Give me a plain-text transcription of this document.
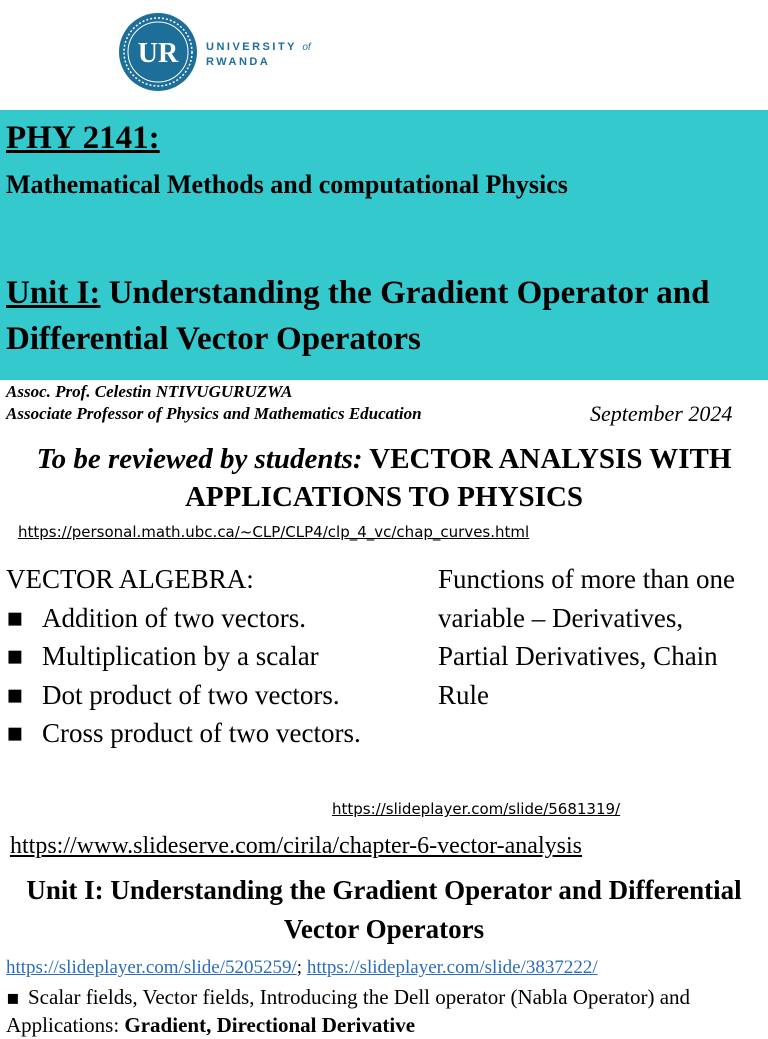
UR	UNIVERSITY of
RWANDA
PHY 2141:
Mathematical Methods and computational Physics
Unit I: Understanding the Gradient Operator and Differential Vector Operators
Assoc. Prof. Celestin NTIVUGURUZWA
Associate Professor of Physics and Mathematics Education	September 2024
To be reviewed by students: VECTOR ANALYSIS WITH APPLICATIONS TO PHYSICS
https://personal.math.ubc.ca/~CLP/CLP4/clp_4_vc/chap_curves.html
VECTOR ALGEBRA:
▪ Addition of two vectors.
▪ Multiplication by a scalar
▪ Dot product of two vectors.
▪ Cross product of two vectors.
Functions of more than one variable – Derivatives, Partial Derivatives, Chain Rule
https://slideplayer.com/slide/5681319/
https://www.slideserve.com/cirila/chapter-6-vector-analysis
Unit I: Understanding the Gradient Operator and Differential Vector Operators
https://slideplayer.com/slide/5205259/; https://slideplayer.com/slide/3837222/
▪ Scalar fields, Vector fields, Introducing the Dell operator (Nabla Operator) and Applications: Gradient, Directional Derivative
